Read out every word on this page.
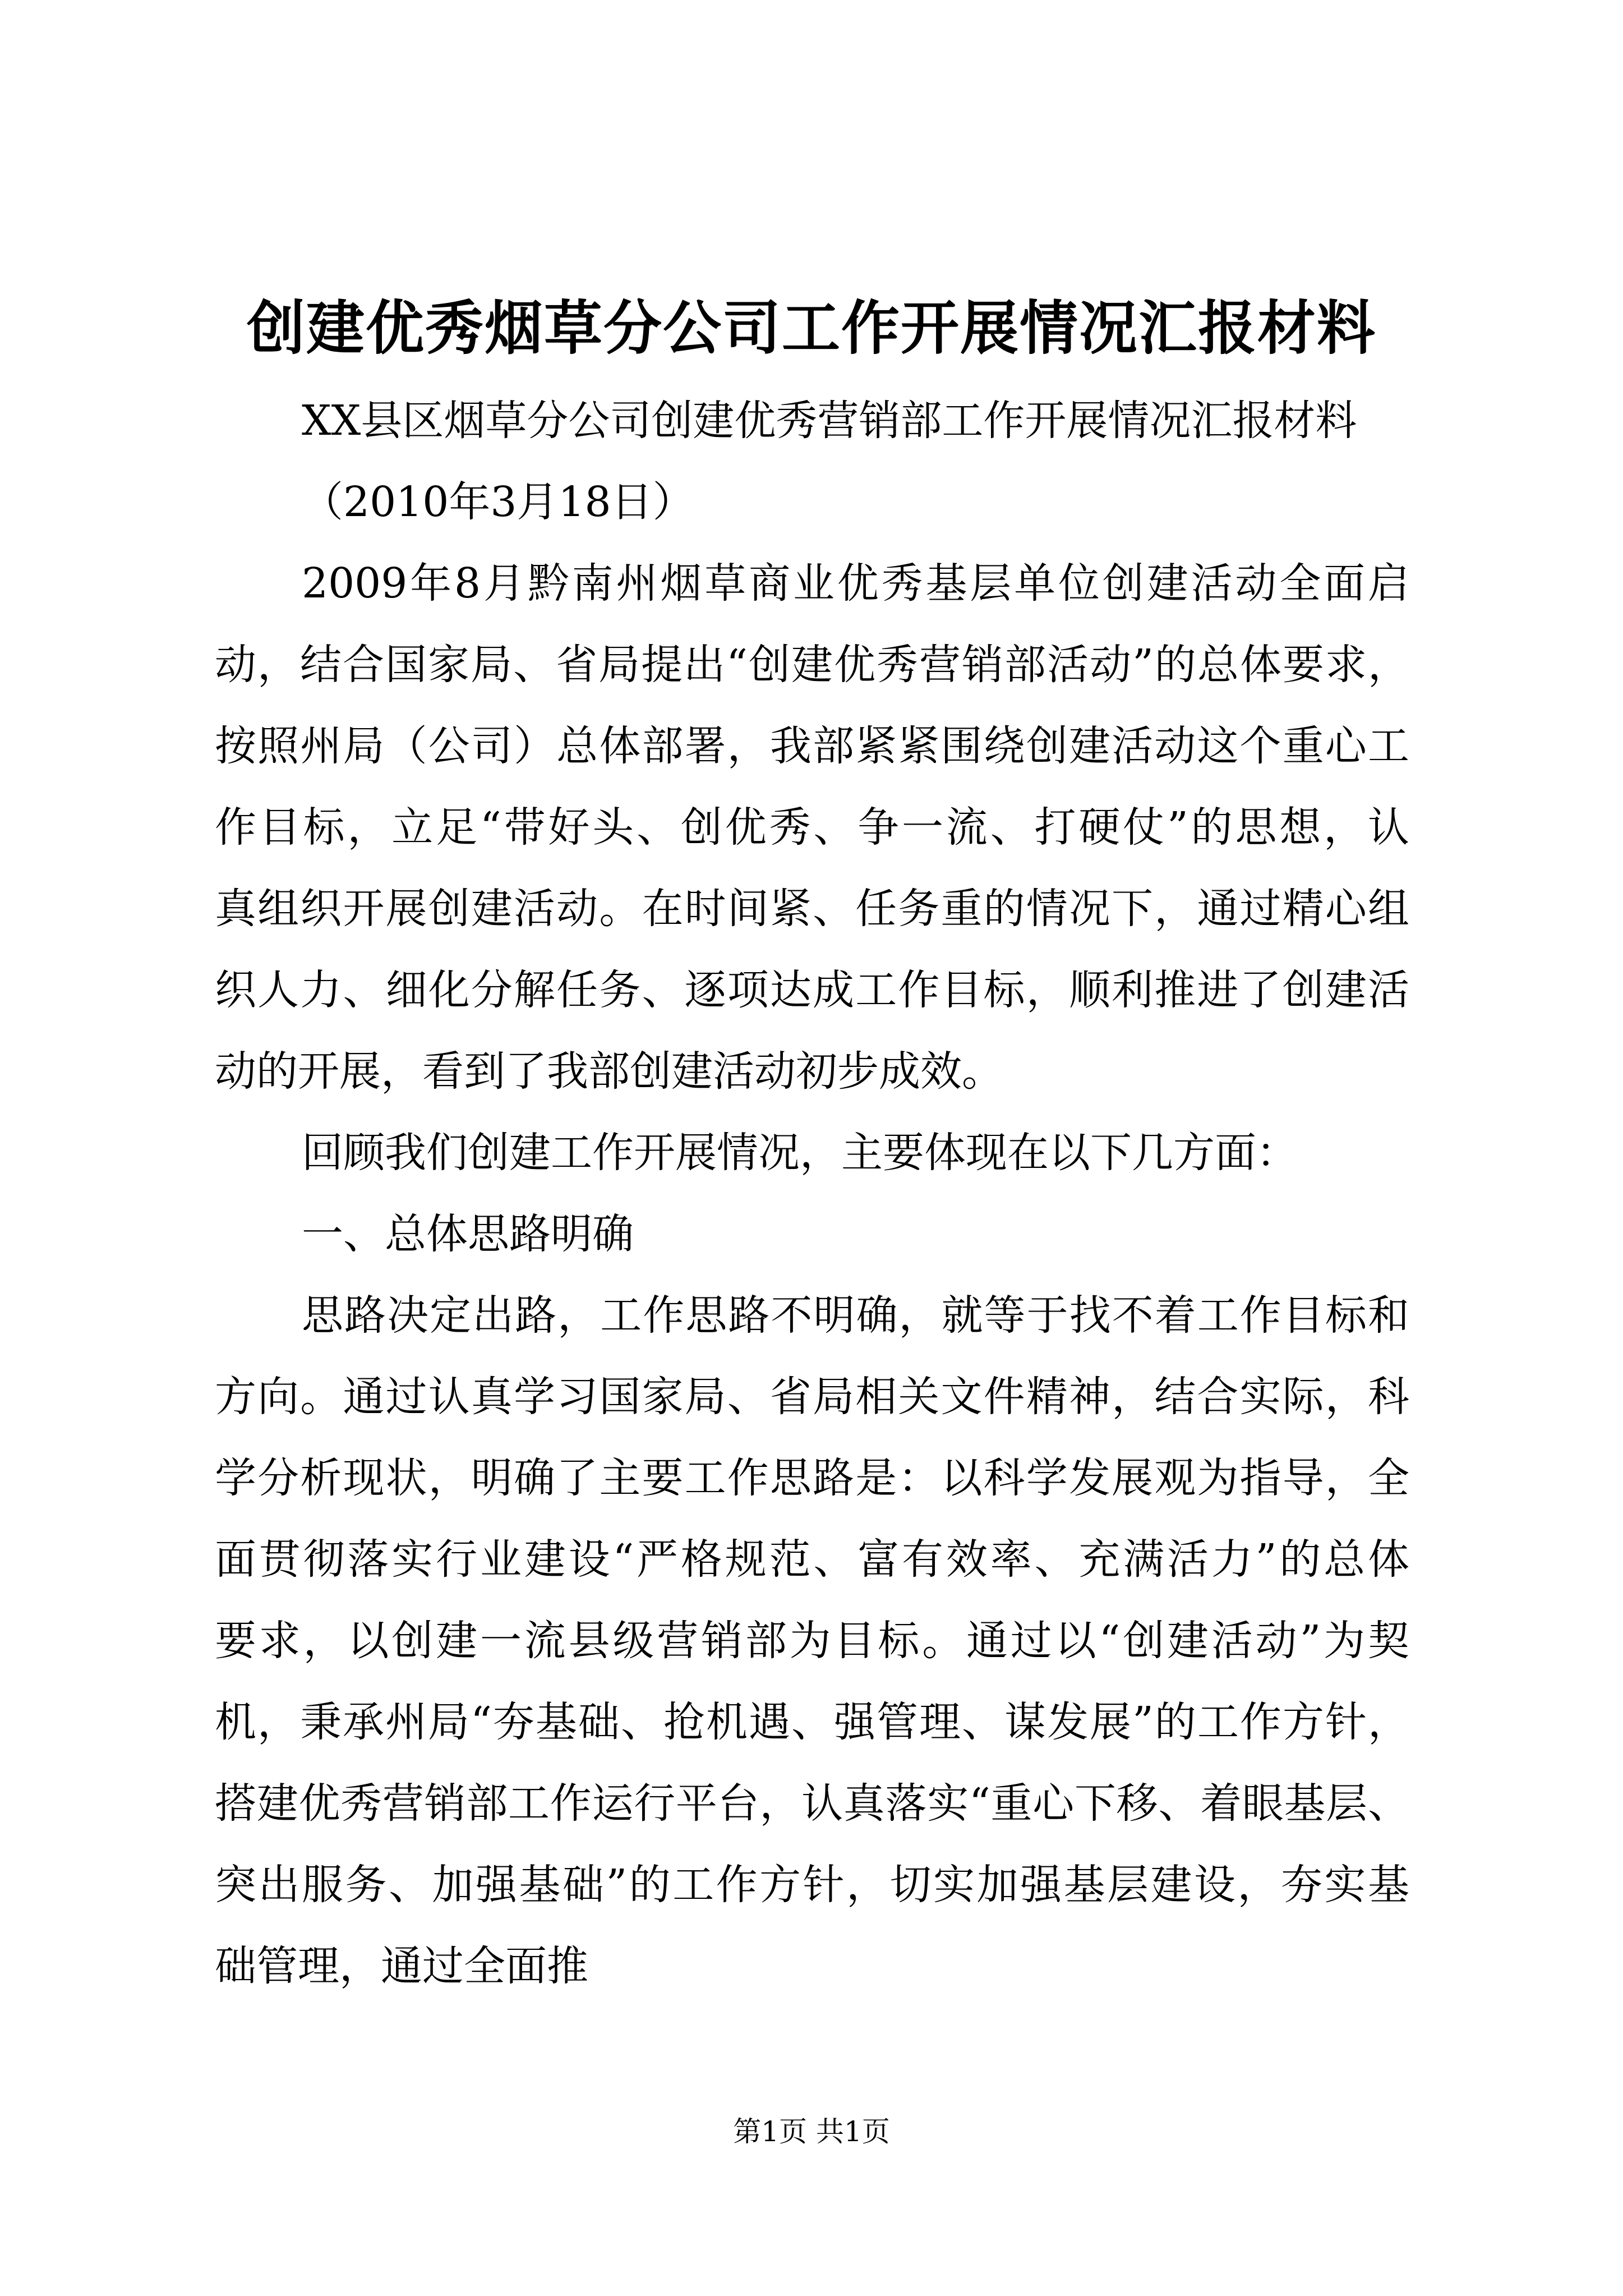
创建优秀烟草分公司工作开展情况汇报材料
XX县区烟草分公司创建优秀营销部工作开展情况汇报材料
（2010年3月18日）
2009年8月黔南州烟草商业优秀基层单位创建活动全面启
动，结合国家局、省局提出“创建优秀营销部活动”的总体要求，
按照州局（公司）总体部署，我部紧紧围绕创建活动这个重心工
作目标，立足“带好头、创优秀、争一流、打硬仗”的思想，认
真组织开展创建活动。在时间紧、任务重的情况下，通过精心组
织人力、细化分解任务、逐项达成工作目标，顺利推进了创建活
动的开展，看到了我部创建活动初步成效。
回顾我们创建工作开展情况，主要体现在以下几方面：
一、总体思路明确
思路决定出路，工作思路不明确，就等于找不着工作目标和
方向。通过认真学习国家局、省局相关文件精神，结合实际，科
学分析现状，明确了主要工作思路是：以科学发展观为指导，全
面贯彻落实行业建设“严格规范、富有效率、充满活力”的总体
要求，以创建一流县级营销部为目标。通过以“创建活动”为契
机，秉承州局“夯基础、抢机遇、强管理、谋发展”的工作方针，
搭建优秀营销部工作运行平台，认真落实“重心下移、着眼基层、
突出服务、加强基础”的工作方针，切实加强基层建设，夯实基
础管理，通过全面推
第1页 共1页
